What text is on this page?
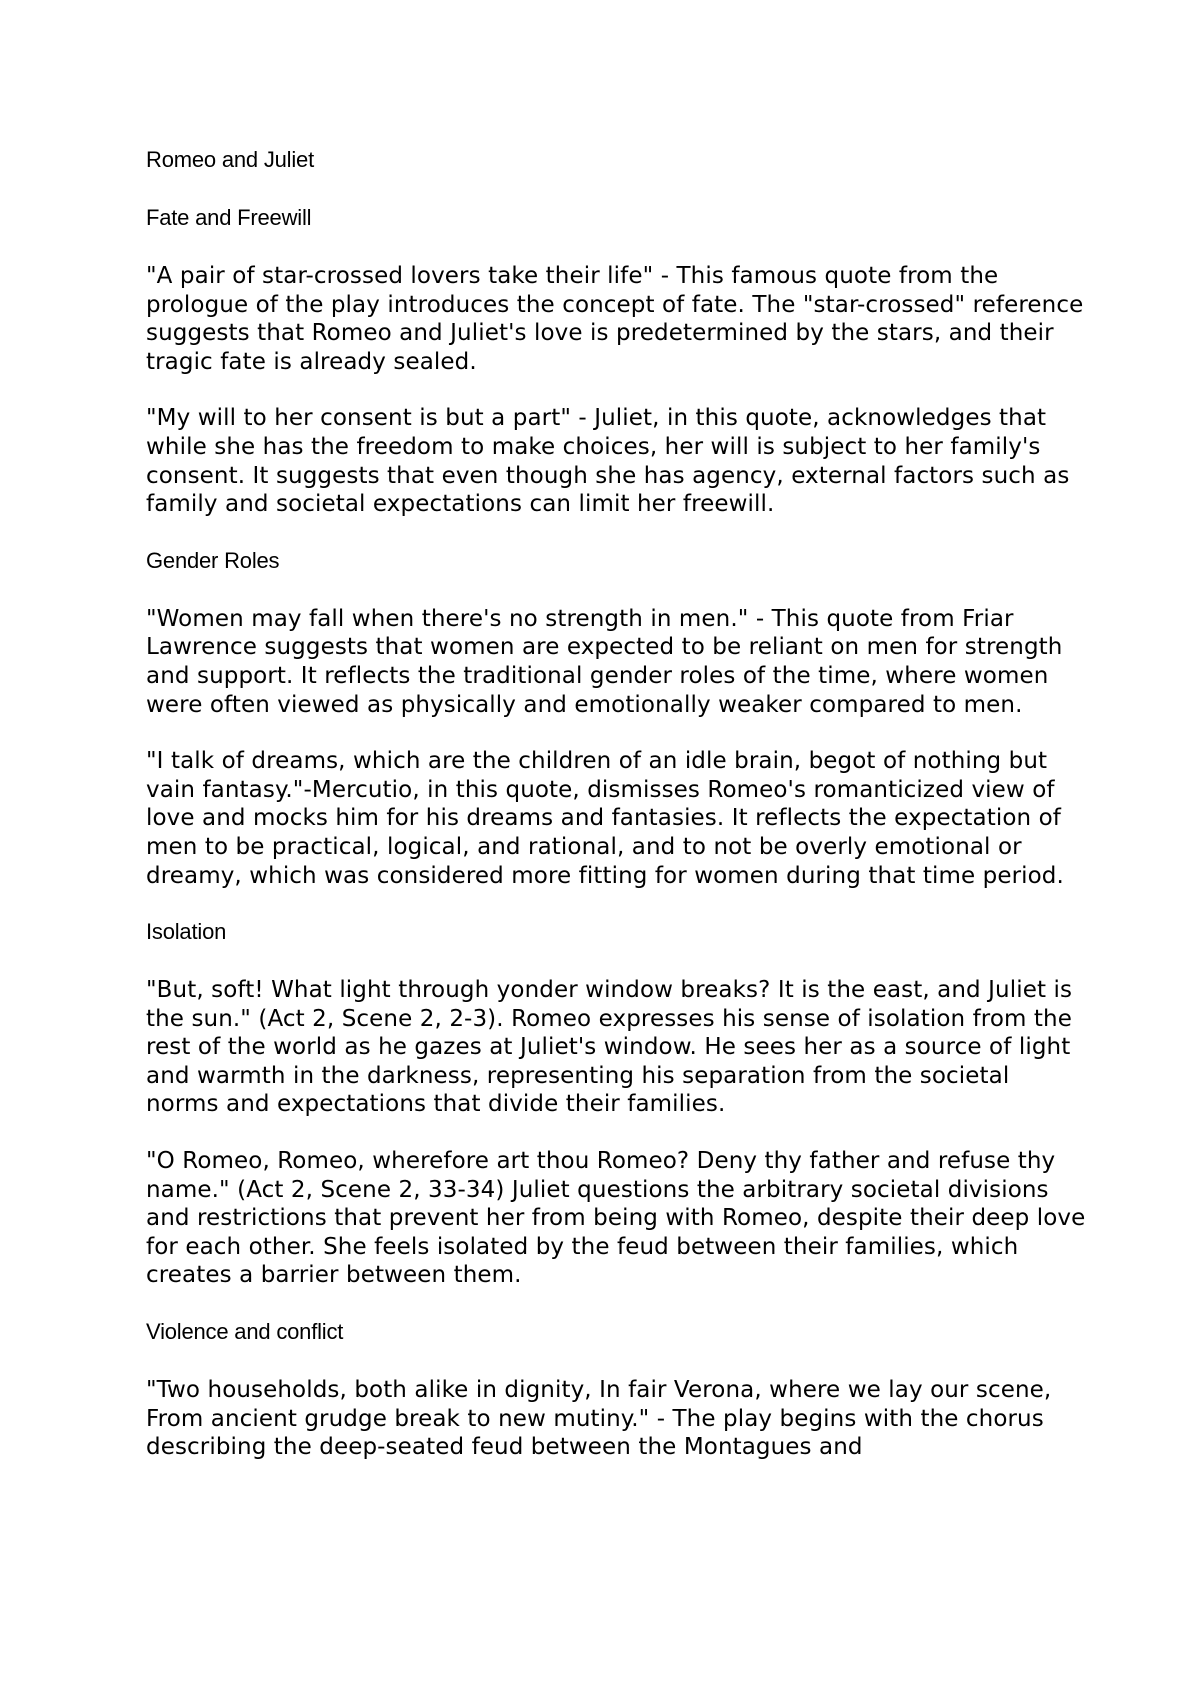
Romeo and Juliet
Fate and Freewill

"A pair of star-crossed lovers take their life" - This famous quote from the prologue of the play introduces the concept of fate. The "star-crossed" reference suggests that Romeo and Juliet's love is predetermined by the stars, and their tragic fate is already sealed.

"My will to her consent is but a part" - Juliet, in this quote, acknowledges that while she has the freedom to make choices, her will is subject to her family's consent. It suggests that even though she has agency, external factors such as family and societal expectations can limit her freewill.

Gender Roles

"Women may fall when there's no strength in men." - This quote from Friar Lawrence suggests that women are expected to be reliant on men for strength and support. It reflects the traditional gender roles of the time, where women were often viewed as physically and emotionally weaker compared to men.

"I talk of dreams, which are the children of an idle brain, begot of nothing but vain fantasy."-Mercutio, in this quote, dismisses Romeo's romanticized view of love and mocks him for his dreams and fantasies. It reflects the expectation of men to be practical, logical, and rational, and to not be overly emotional or dreamy, which was considered more fitting for women during that time period.

Isolation

"But, soft! What light through yonder window breaks? It is the east, and Juliet is the sun." (Act 2, Scene 2, 2-3). Romeo expresses his sense of isolation from the rest of the world as he gazes at Juliet's window. He sees her as a source of light and warmth in the darkness, representing his separation from the societal norms and expectations that divide their families.

"O Romeo, Romeo, wherefore art thou Romeo? Deny thy father and refuse thy name." (Act 2, Scene 2, 33-34) Juliet questions the arbitrary societal divisions and restrictions that prevent her from being with Romeo, despite their deep love for each other. She feels isolated by the feud between their families, which creates a barrier between them.

Violence and conflict

"Two households, both alike in dignity, In fair Verona, where we lay our scene, From ancient grudge break to new mutiny." - The play begins with the chorus describing the deep-seated feud between the Montagues and
